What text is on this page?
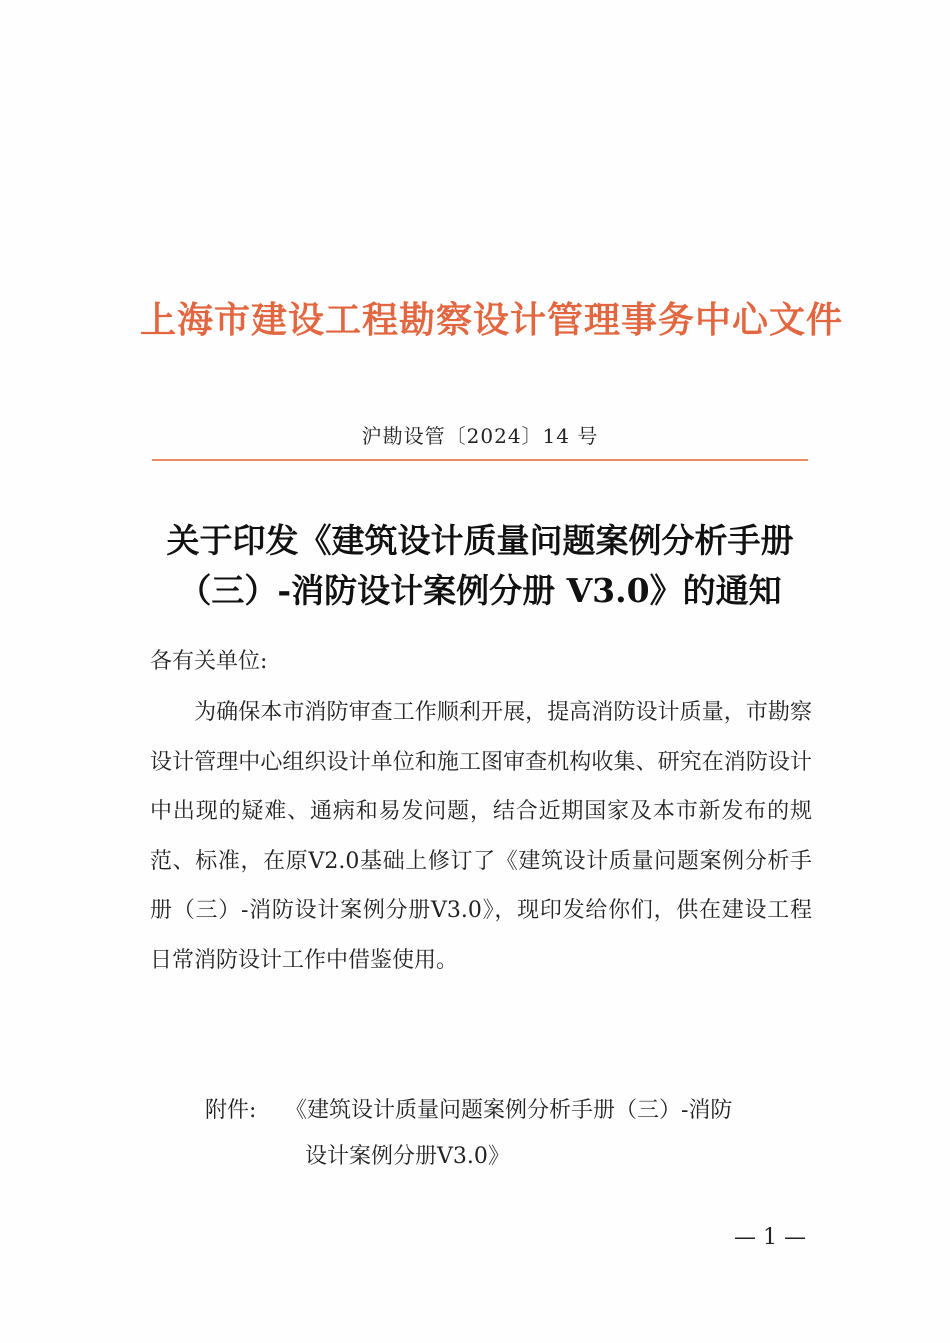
上海市建设工程勘察设计管理事务中心文件
沪勘设管〔2024〕14 号
关于印发《建筑设计质量问题案例分析手册
（三）-消防设计案例分册 V3.0》的通知
各有关单位:
为确保本市消防审查工作顺利开展，提高消防设计质量，市勘察设计管理中心组织设计单位和施工图审查机构收集、研究在消防设计中出现的疑难、通病和易发问题，结合近期国家及本市新发布的规范、标准，在原V2.0基础上修订了《建筑设计质量问题案例分析手册（三）-消防设计案例分册V3.0》，现印发给你们，供在建设工程日常消防设计工作中借鉴使用。
附件: 《建筑设计质量问题案例分析手册（三）-消防
设计案例分册V3.0》
— 1 —
